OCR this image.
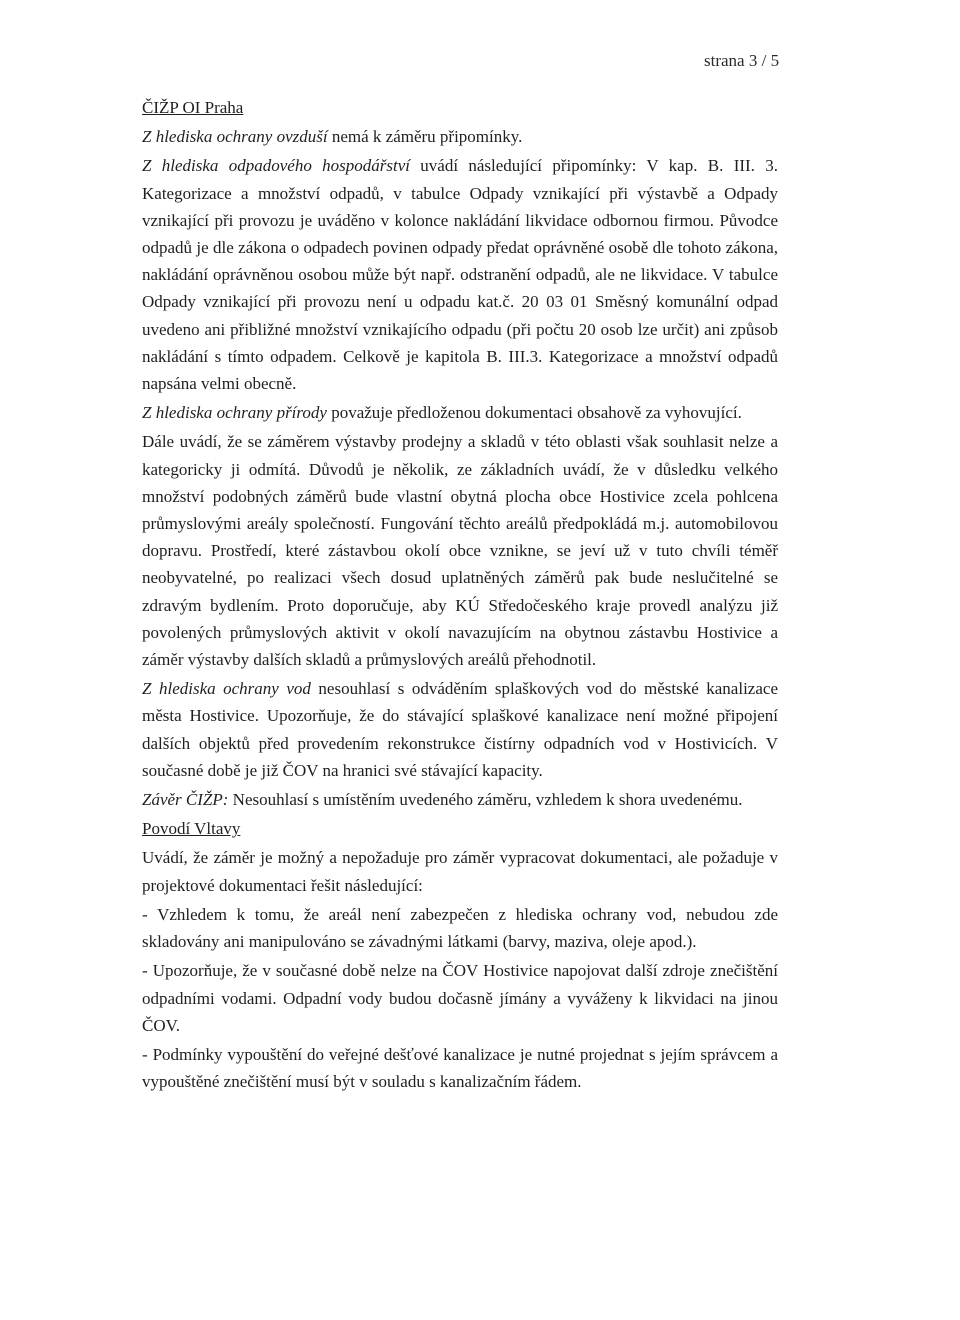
strana 3 / 5

ČIŽP OI Praha

Z hlediska ochrany ovzduší nemá k záměru připomínky.

Z hlediska odpadového hospodářství uvádí následující připomínky: V kap. B. III. 3. Kategorizace a množství odpadů, v tabulce Odpady vznikající při výstavbě a Odpady vznikající při provozu je uváděno v kolonce nakládání likvidace odbornou firmou. Původce odpadů je dle zákona o odpadech povinen odpady předat oprávněné osobě dle tohoto zákona, nakládání oprávněnou osobou může být např. odstranění odpadů, ale ne likvidace. V tabulce Odpady vznikající při provozu není u odpadu kat.č. 20 03 01 Směsný komunální odpad uvedeno ani přibližné množství vznikajícího odpadu (při počtu 20 osob lze určit) ani způsob nakládání s tímto odpadem. Celkově je kapitola B. III.3. Kategorizace a množství odpadů napsána velmi obecně.

Z hlediska ochrany přírody považuje předloženou dokumentaci obsahově za vyhovující.

Dále uvádí, že se záměrem výstavby prodejny a skladů v této oblasti však souhlasit nelze a kategoricky ji odmítá. Důvodů je několik, ze základních uvádí, že v důsledku velkého množství podobných záměrů bude vlastní obytná plocha obce Hostivice zcela pohlcena průmyslovými areály společností. Fungování těchto areálů předpokládá m.j. automobilovou dopravu. Prostředí, které zástavbou okolí obce vznikne, se jeví už v tuto chvíli téměř neobyvatelné, po realizaci všech dosud uplatněných záměrů pak bude neslučitelné se zdravým bydlením. Proto doporučuje, aby KÚ Středočeského kraje provedl analýzu již povolených průmyslových aktivit v okolí navazujícím na obytnou zástavbu Hostivice a záměr výstavby dalších skladů a průmyslových areálů přehodnotil.

Z hlediska ochrany vod nesouhlasí s odváděním splaškových vod do městské kanalizace města Hostivice. Upozorňuje, že do stávající splaškové kanalizace není možné připojení dalších objektů před provedením rekonstrukce čistírny odpadních vod v Hostivicích. V současné době je již ČOV na hranici své stávající kapacity.

Závěr ČIŽP: Nesouhlasí s umístěním uvedeného záměru, vzhledem k shora uvedenému.

Povodí Vltavy

Uvádí, že záměr je možný a nepožaduje pro záměr vypracovat dokumentaci, ale požaduje v projektové dokumentaci řešit následující:

- Vzhledem k tomu, že areál není zabezpečen z hlediska ochrany vod, nebudou zde skladovány ani manipulováno se závadnými látkami (barvy, maziva, oleje apod.).

- Upozorňuje, že v současné době nelze na ČOV Hostivice napojovat další zdroje znečištění odpadními vodami. Odpadní vody budou dočasně jímány a vyváženy k likvidaci na jinou ČOV.

- Podmínky vypouštění do veřejné dešťové kanalizace je nutné projednat s jejím správcem a vypouštěné znečištění musí být v souladu s kanalizačním řádem.
